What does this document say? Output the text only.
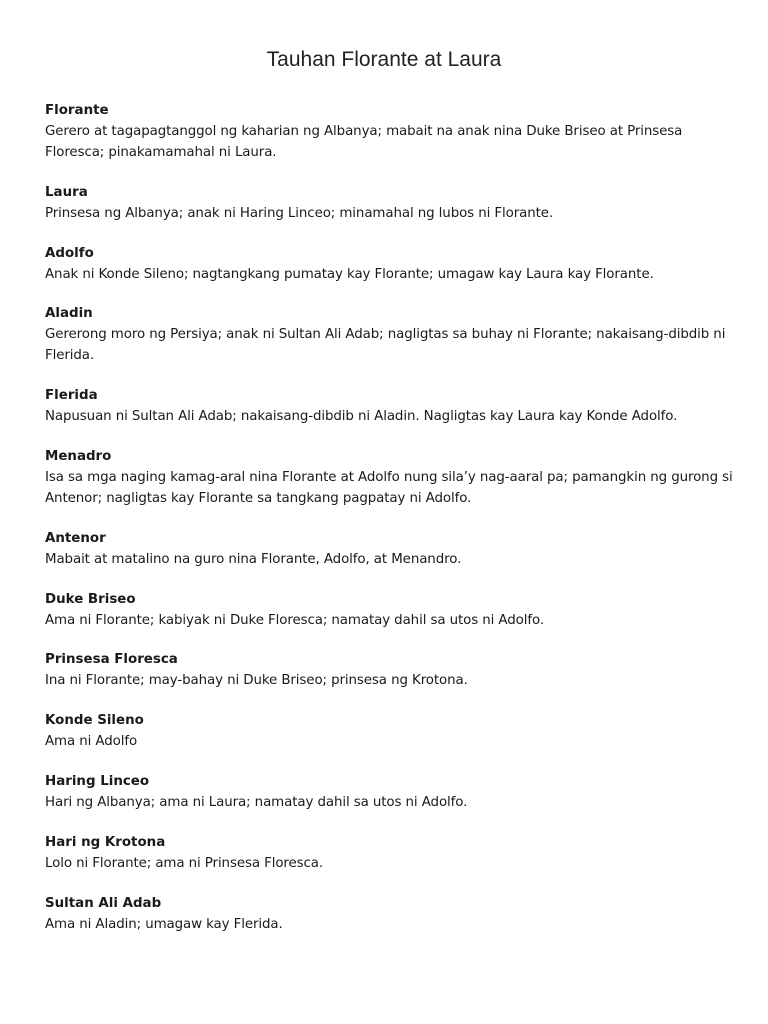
Tauhan Florante at Laura

Florante

Gerero at tagapagtanggol ng kaharian ng Albanya; mabait na anak nina Duke Briseo at Prinsesa Floresca; pinakamamahal ni Laura.

Laura

Prinsesa ng Albanya; anak ni Haring Linceo; minamahal ng lubos ni Florante.

Adolfo

Anak ni Konde Sileno; nagtangkang pumatay kay Florante; umagaw kay Laura kay Florante.

Aladin

Gererong moro ng Persiya; anak ni Sultan Ali Adab; nagligtas sa buhay ni Florante; nakaisang-dibdib ni Flerida.

Flerida

Napusuan ni Sultan Ali Adab; nakaisang-dibdib ni Aladin. Nagligtas kay Laura kay Konde Adolfo.

Menadro

Isa sa mga naging kamag-aral nina Florante at Adolfo nung sila’y nag-aaral pa; pamangkin ng gurong si Antenor; nagligtas kay Florante sa tangkang pagpatay ni Adolfo.

Antenor

Mabait at matalino na guro nina Florante, Adolfo, at Menandro.

Duke Briseo

Ama ni Florante; kabiyak ni Duke Floresca; namatay dahil sa utos ni Adolfo.

Prinsesa Floresca

Ina ni Florante; may-bahay ni Duke Briseo; prinsesa ng Krotona.

Konde Sileno

Ama ni Adolfo

Haring Linceo

Hari ng Albanya; ama ni Laura; namatay dahil sa utos ni Adolfo.

Hari ng Krotona

Lolo ni Florante; ama ni Prinsesa Floresca.

Sultan Ali Adab

Ama ni Aladin; umagaw kay Flerida.
